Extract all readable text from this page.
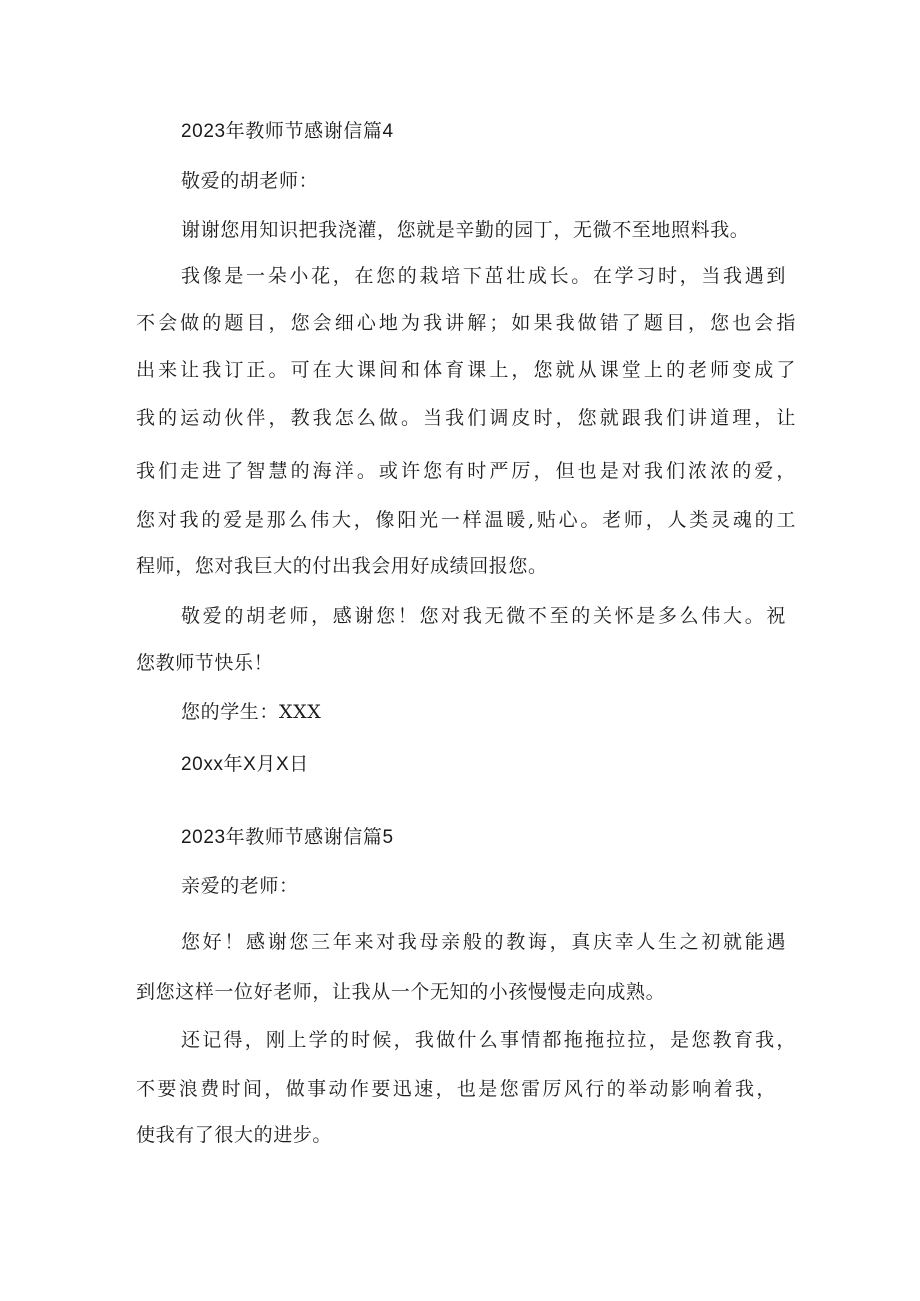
2023年教师节感谢信篇4
敬爱的胡老师：
谢谢您用知识把我浇灌，您就是辛勤的园丁，无微不至地照料我。
我像是一朵小花，在您的栽培下茁壮成长。在学习时，当我遇到
不会做的题目，您会细心地为我讲解；如果我做错了题目，您也会指
出来让我订正。可在大课间和体育课上，您就从课堂上的老师变成了
我的运动伙伴，教我怎么做。当我们调皮时，您就跟我们讲道理，让
我们走进了智慧的海洋。或许您有时严厉，但也是对我们浓浓的爱，
您对我的爱是那么伟大，像阳光一样温暖,贴心。老师，人类灵魂的工
程师，您对我巨大的付出我会用好成绩回报您。
敬爱的胡老师，感谢您！您对我无微不至的关怀是多么伟大。祝
您教师节快乐！
您的学生：XXX
20xx年X月X日
2023年教师节感谢信篇5
亲爱的老师：
您好！感谢您三年来对我母亲般的教诲，真庆幸人生之初就能遇
到您这样一位好老师，让我从一个无知的小孩慢慢走向成熟。
还记得，刚上学的时候，我做什么事情都拖拖拉拉，是您教育我，
不要浪费时间，做事动作要迅速，也是您雷厉风行的举动影响着我，
使我有了很大的进步。
